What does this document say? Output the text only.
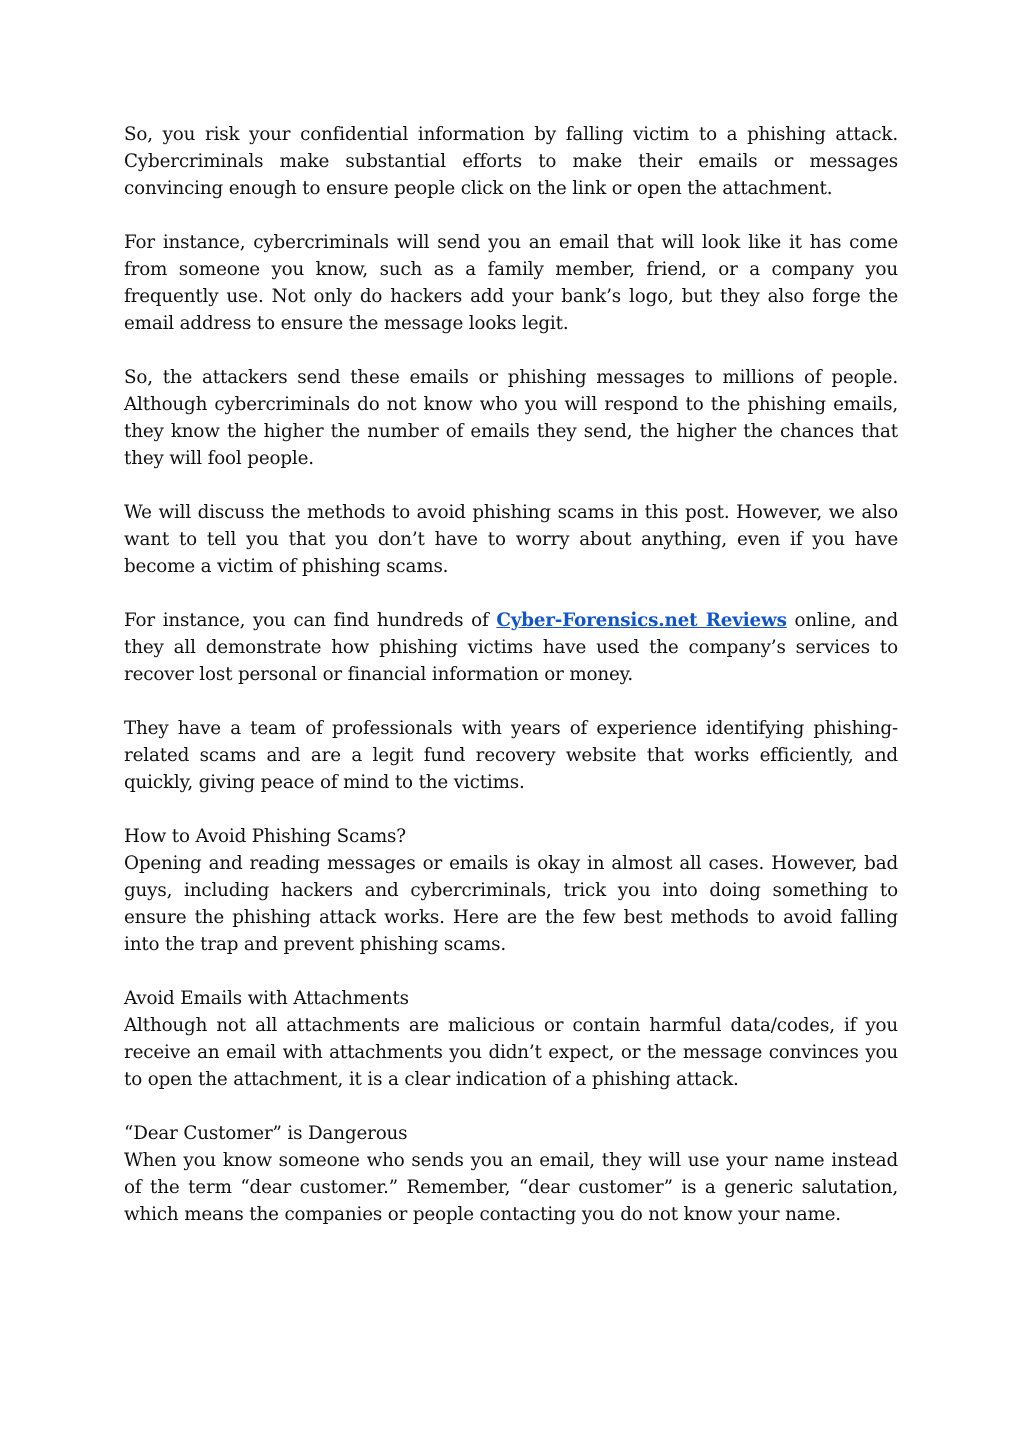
So, you risk your confidential information by falling victim to a phishing attack. Cybercriminals make substantial efforts to make their emails or messages convincing enough to ensure people click on the link or open the attachment.

For instance, cybercriminals will send you an email that will look like it has come from someone you know, such as a family member, friend, or a company you frequently use. Not only do hackers add your bank’s logo, but they also forge the email address to ensure the message looks legit.

So, the attackers send these emails or phishing messages to millions of people. Although cybercriminals do not know who you will respond to the phishing emails, they know the higher the number of emails they send, the higher the chances that they will fool people.

We will discuss the methods to avoid phishing scams in this post. However, we also want to tell you that you don’t have to worry about anything, even if you have become a victim of phishing scams.

For instance, you can find hundreds of Cyber-Forensics.net Reviews online, and they all demonstrate how phishing victims have used the company’s services to recover lost personal or financial information or money.

They have a team of professionals with years of experience identifying phishing-related scams and are a legit fund recovery website that works efficiently, and quickly, giving peace of mind to the victims.

How to Avoid Phishing Scams?

Opening and reading messages or emails is okay in almost all cases. However, bad guys, including hackers and cybercriminals, trick you into doing something to ensure the phishing attack works. Here are the few best methods to avoid falling into the trap and prevent phishing scams.

Avoid Emails with Attachments

Although not all attachments are malicious or contain harmful data/codes, if you receive an email with attachments you didn’t expect, or the message convinces you to open the attachment, it is a clear indication of a phishing attack.

“Dear Customer” is Dangerous

When you know someone who sends you an email, they will use your name instead of the term “dear customer.” Remember, “dear customer” is a generic salutation, which means the companies or people contacting you do not know your name.
